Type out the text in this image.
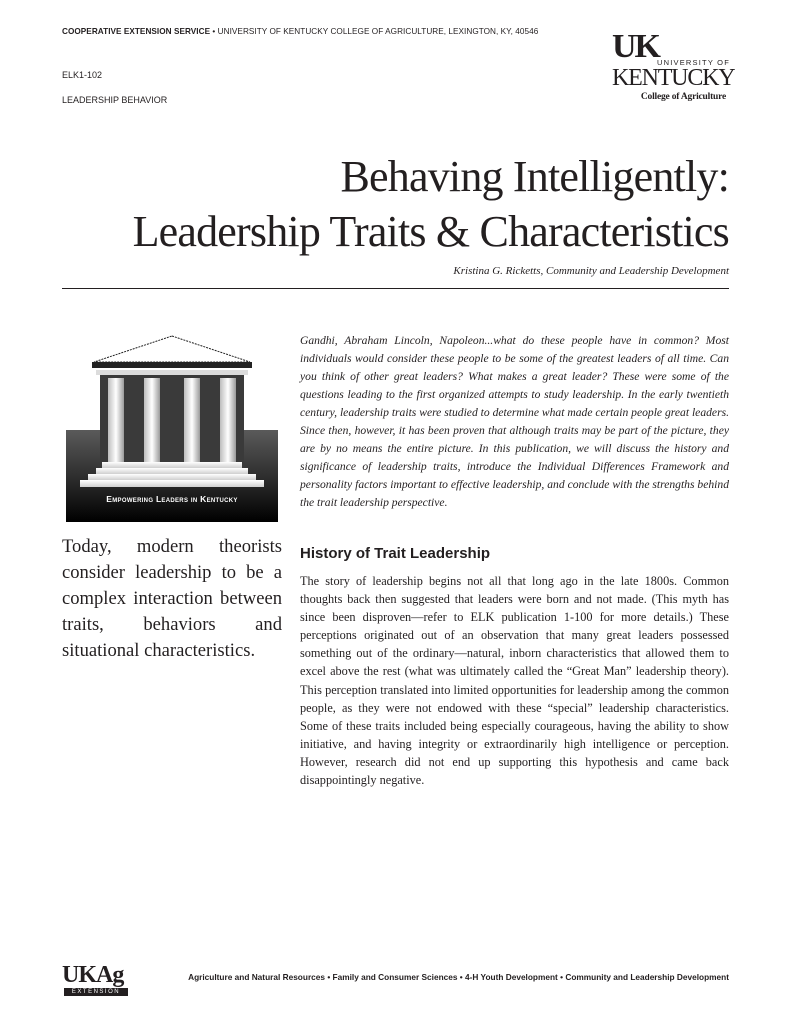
COOPERATIVE EXTENSION SERVICE • UNIVERSITY OF KENTUCKY COLLEGE OF AGRICULTURE, LEXINGTON, KY, 40546
ELK1-102
LEADERSHIP BEHAVIOR
UK
UNIVERSITY OF
KENTUCKY
College of Agriculture
Behaving Intelligently:
Leadership Traits & Characteristics
Kristina G. Ricketts, Community and Leadership Development
Empowering Leaders in Kentucky
Today, modern theorists consider leadership to be a complex interaction between traits, behaviors and situational characteristics.
Gandhi, Abraham Lincoln, Napoleon...what do these people have in common? Most individuals would consider these people to be some of the greatest leaders of all time. Can you think of other great leaders? What makes a great leader? These were some of the questions leading to the first organized attempts to study leadership. In the early twentieth century, leadership traits were studied to determine what made certain people great leaders. Since then, however, it has been proven that although traits may be part of the picture, they are by no means the entire picture. In this publication, we will discuss the history and significance of leadership traits, introduce the Individual Differences Framework and personality factors important to effective leadership, and conclude with the strengths behind the trait leadership perspective.
History of Trait Leadership
The story of leadership begins not all that long ago in the late 1800s. Common thoughts back then suggested that leaders were born and not made. (This myth has since been disproven—refer to ELK publication 1-100 for more details.) These perceptions originated out of an observation that many great leaders possessed something out of the ordinary—natural, inborn characteristics that allowed them to excel above the rest (what was ultimately called the “Great Man” leadership theory). This perception translated into limited opportunities for leadership among the common people, as they were not endowed with these “special” leadership characteristics. Some of these traits included being especially courageous, having the ability to show initiative, and having integrity or extraordinarily high intelligence or perception. However, research did not end up supporting this hypothesis and came back disappointingly negative.
UKAg
EXTENSION
Agriculture and Natural Resources • Family and Consumer Sciences • 4-H Youth Development • Community and Leadership Development
